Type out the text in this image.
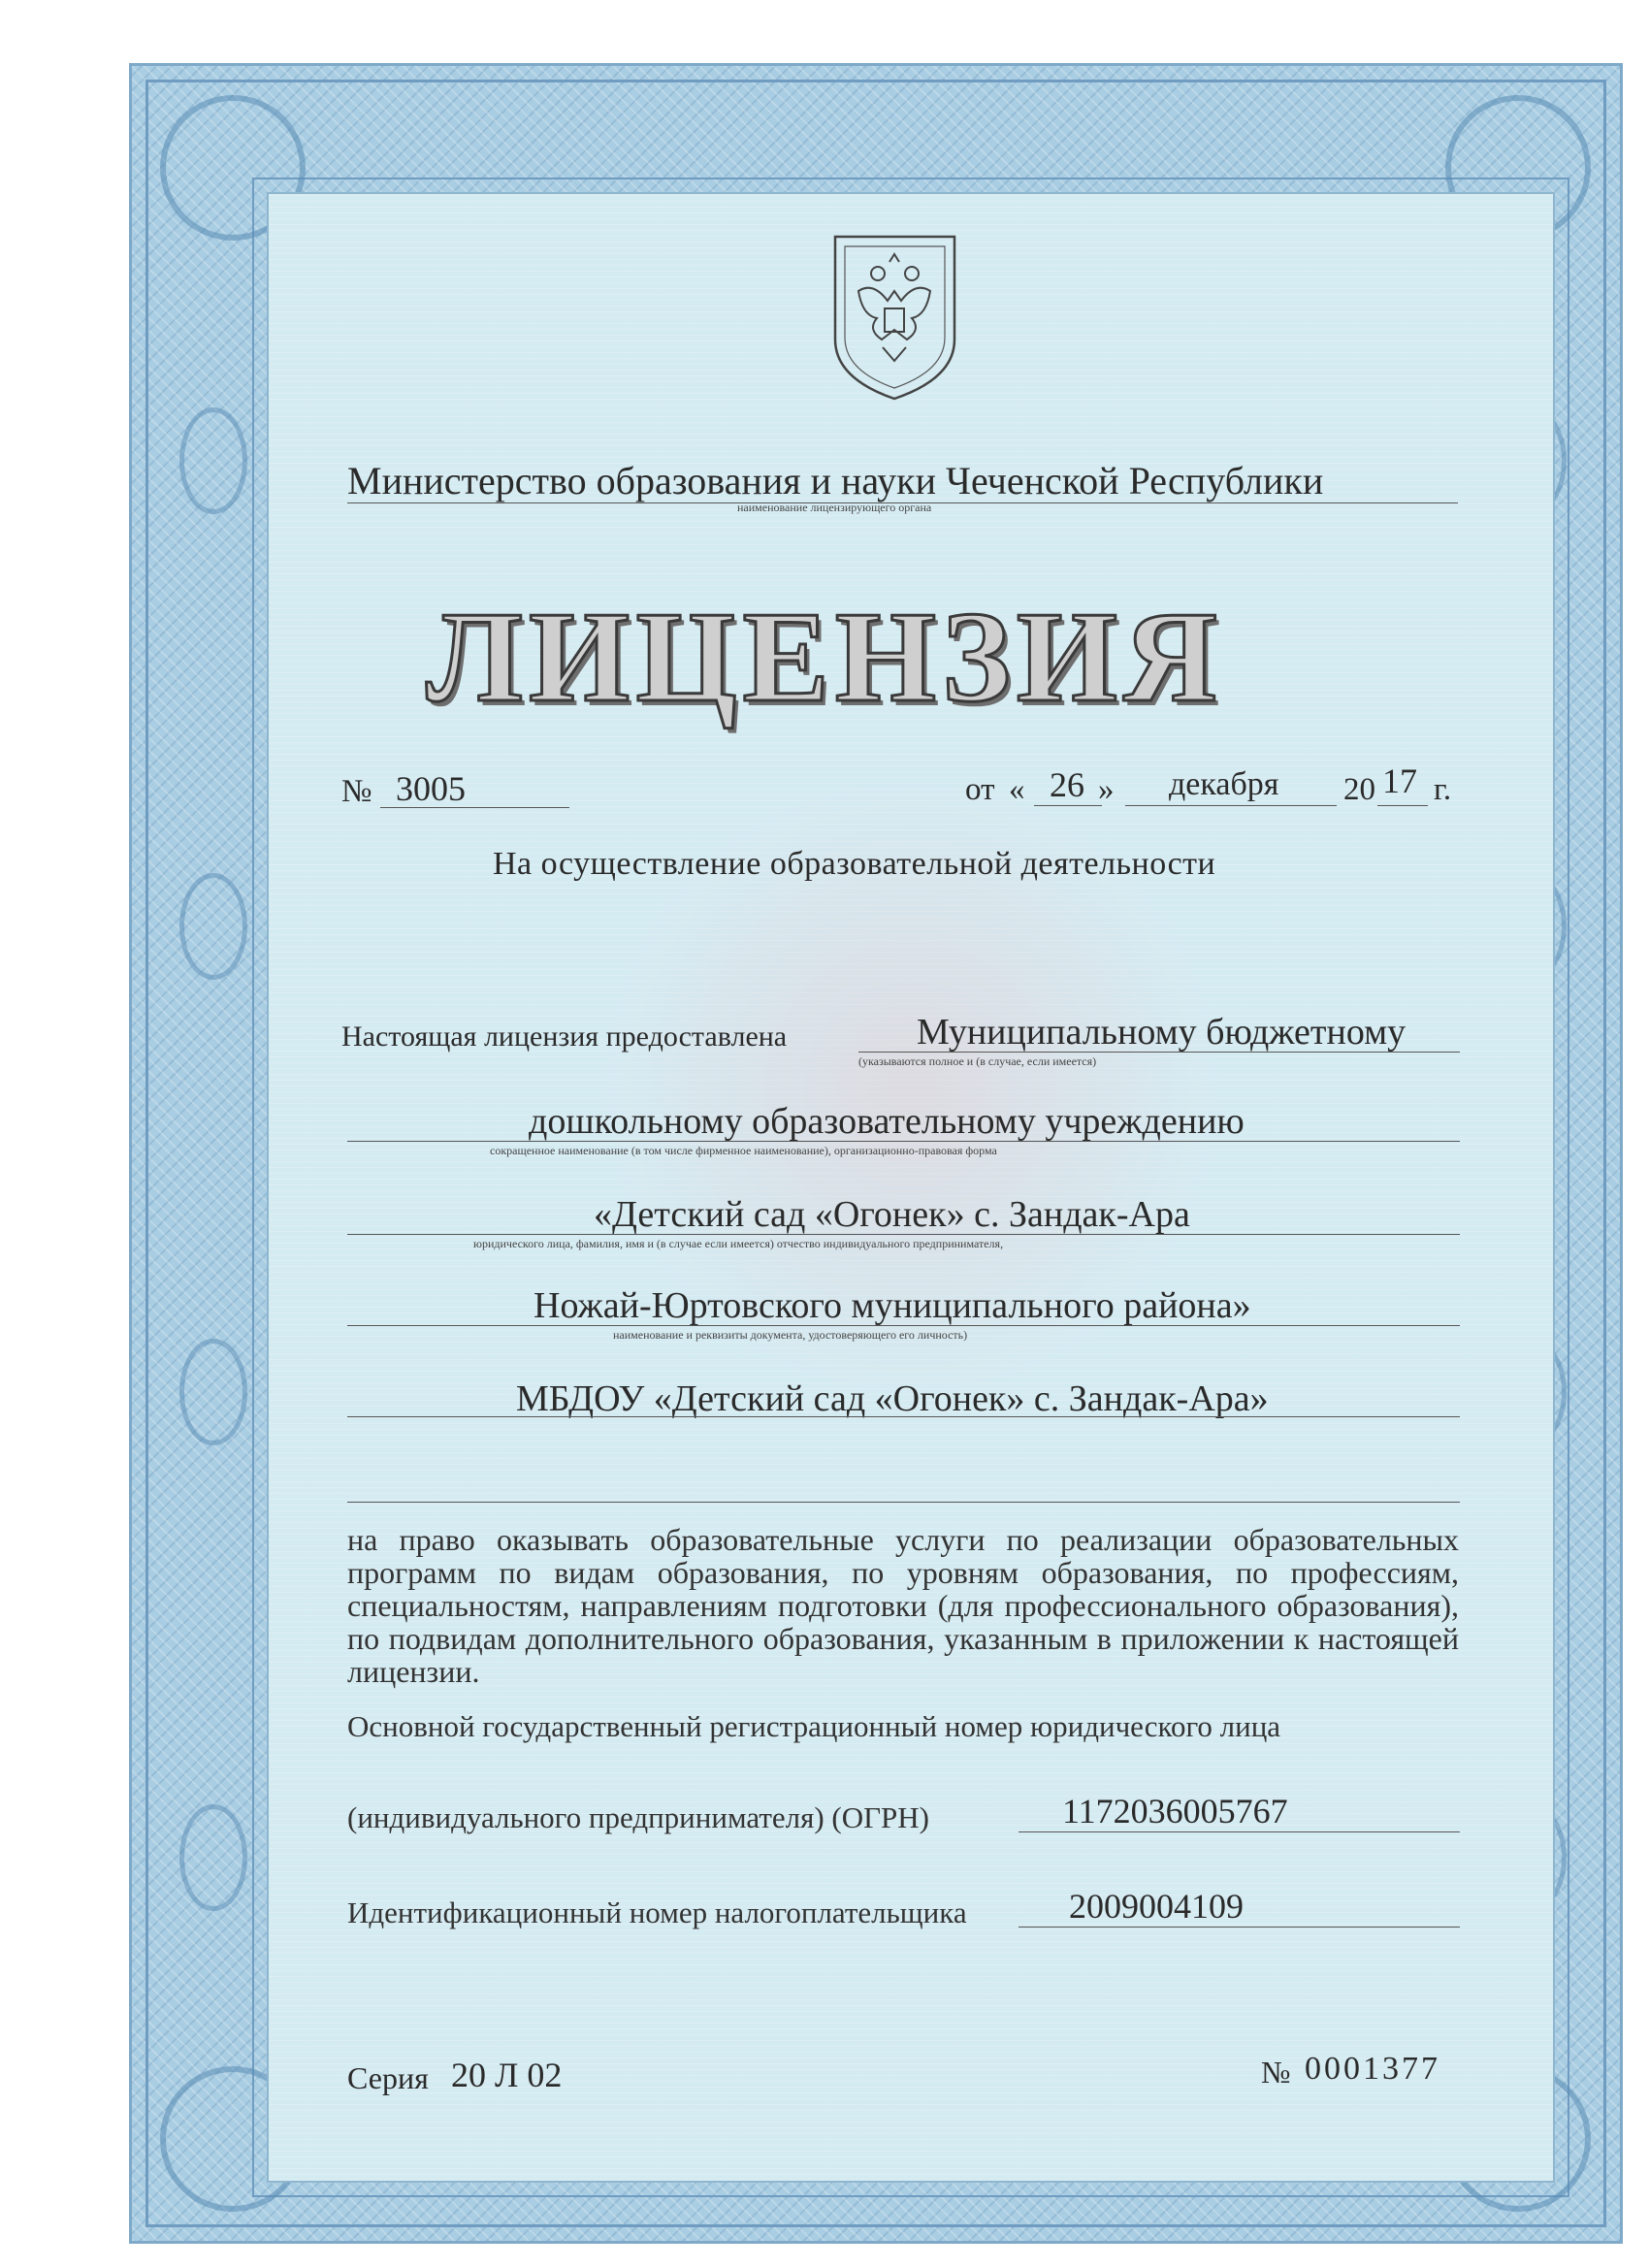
Министерство образования и науки Чеченской Республики
наименование лицензирующего органа
ЛИЦЕНЗИЯ
№ 3005	от « 26 » декабря 20 17 г.
На осуществление образовательной деятельности
Настоящая лицензия предоставлена	Муниципальному бюджетному
(указываются полное и (в случае, если имеется)
дошкольному образовательному учреждению
сокращенное наименование (в том числе фирменное наименование), организационно-правовая форма
«Детский сад «Огонек» с. Зандак-Ара
юридического лица, фамилия, имя и (в случае если имеется) отчество индивидуального предпринимателя,
Ножай-Юртовского муниципального района»
наименование и реквизиты документа, удостоверяющего его личность)
МБДОУ «Детский сад «Огонек» с. Зандак-Ара»
на право оказывать образовательные услуги по реализации образовательных программ по видам образования, по уровням образования, по профессиям, специальностям, направлениям подготовки (для профессионального образования), по подвидам дополнительного образования, указанным в приложении к настоящей лицензии.
Основной государственный регистрационный номер юридического лица
(индивидуального предпринимателя) (ОГРН)	1172036005767
Идентификационный номер налогоплательщика	2009004109
Серия 20 Л 02	№ 0001377
